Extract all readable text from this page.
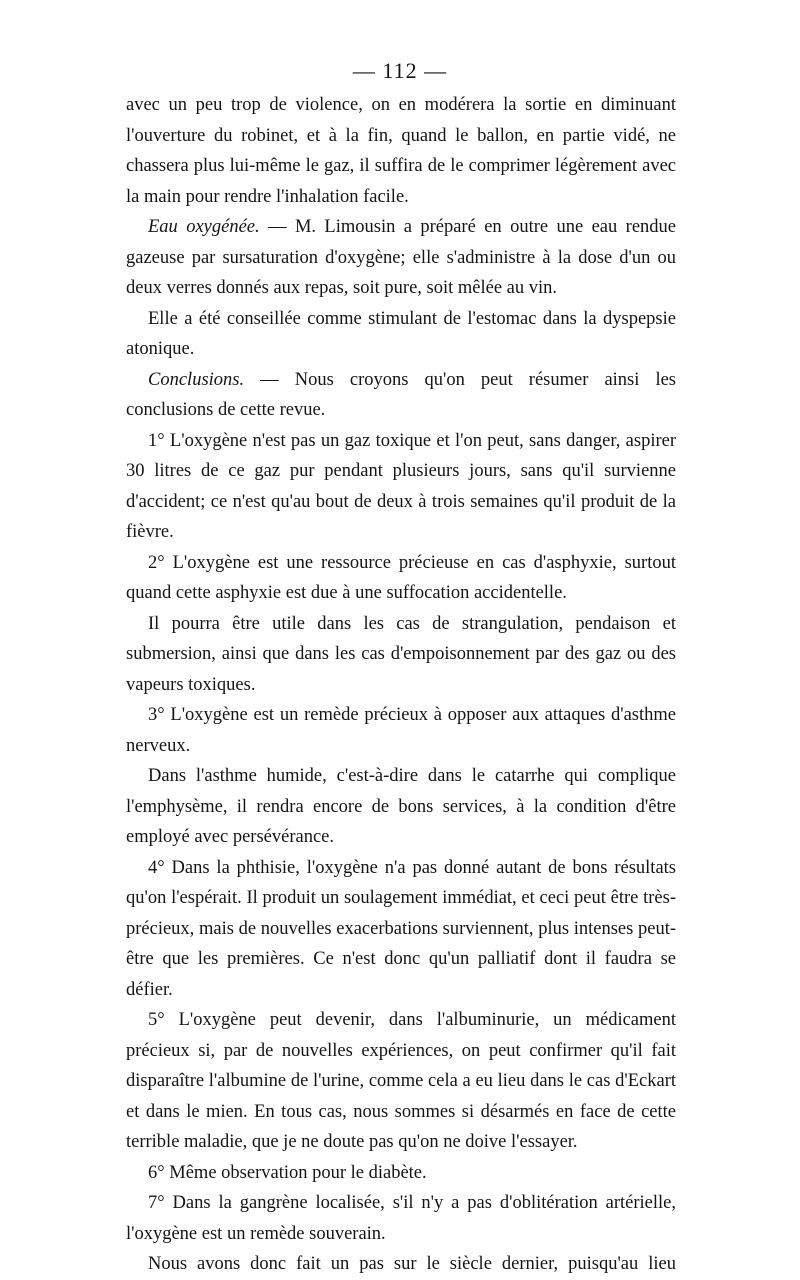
— 112 —

avec un peu trop de violence, on en modérera la sortie en diminuant l'ouverture du robinet, et à la fin, quand le ballon, en partie vidé, ne chassera plus lui-même le gaz, il suffira de le comprimer légèrement avec la main pour rendre l'inhalation facile.

Eau oxygénée. — M. Limousin a préparé en outre une eau rendue gazeuse par sursaturation d'oxygène; elle s'administre à la dose d'un ou deux verres donnés aux repas, soit pure, soit mêlée au vin.

Elle a été conseillée comme stimulant de l'estomac dans la dyspepsie atonique.

Conclusions. — Nous croyons qu'on peut résumer ainsi les conclusions de cette revue.

1° L'oxygène n'est pas un gaz toxique et l'on peut, sans danger, aspirer 30 litres de ce gaz pur pendant plusieurs jours, sans qu'il survienne d'accident; ce n'est qu'au bout de deux à trois semaines qu'il produit de la fièvre.

2° L'oxygène est une ressource précieuse en cas d'asphyxie, surtout quand cette asphyxie est due à une suffocation accidentelle.

Il pourra être utile dans les cas de strangulation, pendaison et submersion, ainsi que dans les cas d'empoisonnement par des gaz ou des vapeurs toxiques.

3° L'oxygène est un remède précieux à opposer aux attaques d'asthme nerveux.

Dans l'asthme humide, c'est-à-dire dans le catarrhe qui complique l'emphysème, il rendra encore de bons services, à la condition d'être employé avec persévérance.

4° Dans la phthisie, l'oxygène n'a pas donné autant de bons résultats qu'on l'espérait. Il produit un soulagement immédiat, et ceci peut être très-précieux, mais de nouvelles exacerbations surviennent, plus intenses peut-être que les premières. Ce n'est donc qu'un palliatif dont il faudra se défier.

5° L'oxygène peut devenir, dans l'albuminurie, un médicament précieux si, par de nouvelles expériences, on peut confirmer qu'il fait disparaître l'albumine de l'urine, comme cela a eu lieu dans le cas d'Eckart et dans le mien. En tous cas, nous sommes si désarmés en face de cette terrible maladie, que je ne doute pas qu'on ne doive l'essayer.

6° Même observation pour le diabète.

7° Dans la gangrène localisée, s'il n'y a pas d'oblitération artérielle, l'oxygène est un remède souverain.

Nous avons donc fait un pas sur le siècle dernier, puisqu'au lieu
